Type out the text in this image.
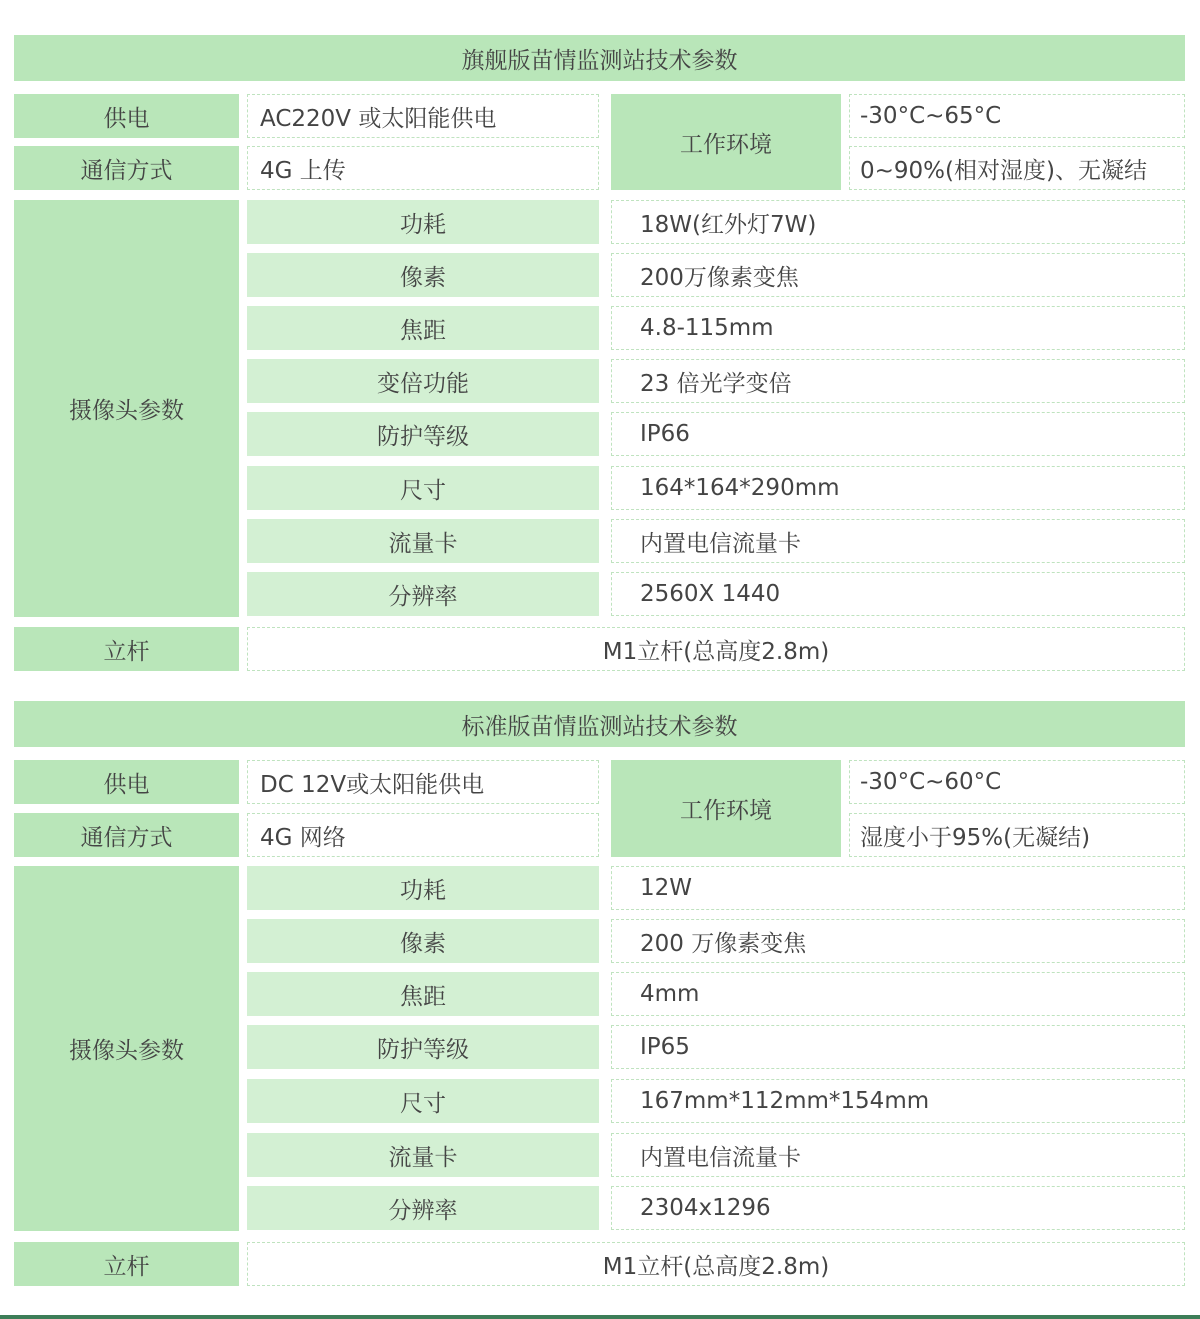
旗舰版苗情监测站技术参数
供电	AC220V 或太阳能供电
通信方式	4G 上传
工作环境
-30°C~65°C
0~90%(相对湿度)、无凝结
摄像头参数
功耗	18W(红外灯7W)
像素	200万像素变焦
焦距	4.8-115mm
变倍功能	23 倍光学变倍
防护等级	IP66
尺寸	164*164*290mm
流量卡	内置电信流量卡
分辨率	2560X 1440
立杆	M1立杆(总高度2.8m)
标准版苗情监测站技术参数
供电	DC 12V或太阳能供电
通信方式	4G 网络
工作环境
-30°C~60°C
湿度小于95%(无凝结)
摄像头参数
功耗	12W
像素	200 万像素变焦
焦距	4mm
防护等级	IP65
尺寸	167mm*112mm*154mm
流量卡	内置电信流量卡
分辨率	2304x1296
立杆	M1立杆(总高度2.8m)
